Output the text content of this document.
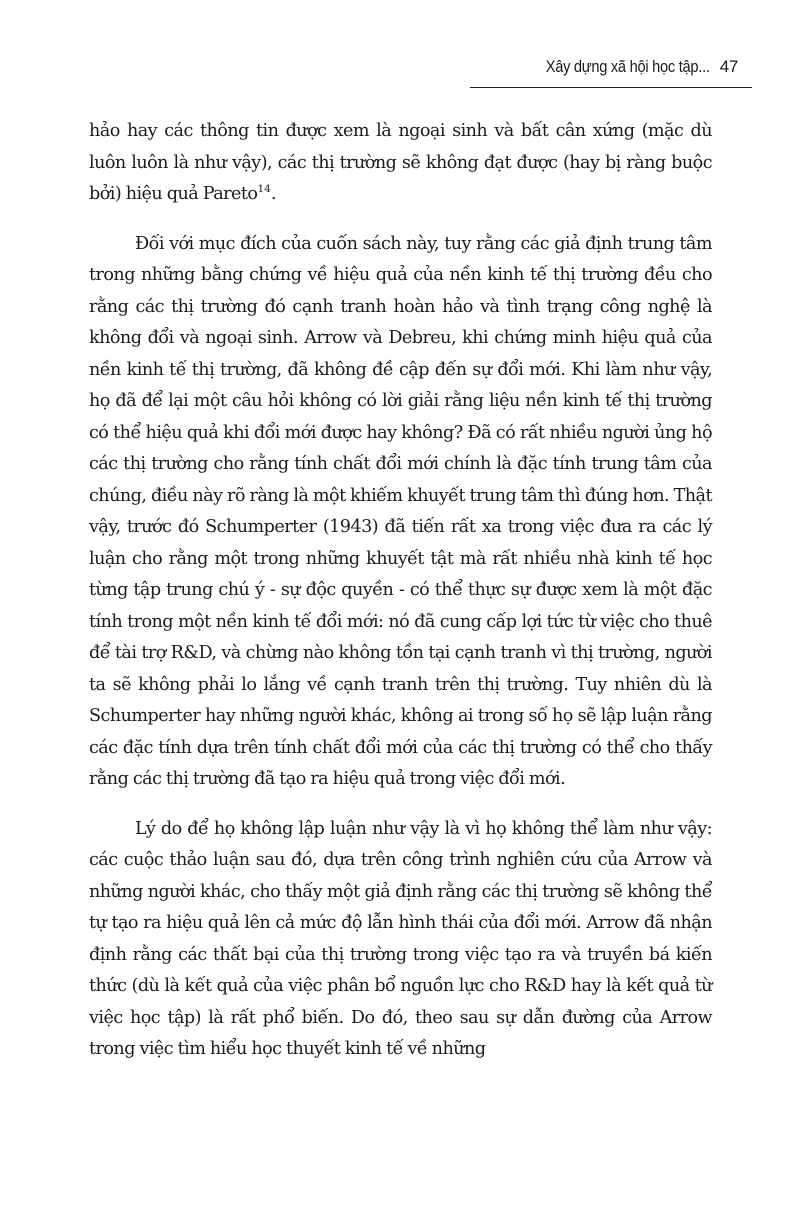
Xây dựng xã hội học tập... 47

hảo hay các thông tin được xem là ngoại sinh và bất cân xứng (mặc dù luôn luôn là như vậy), các thị trường sẽ không đạt được (hay bị ràng buộc bởi) hiệu quả Pareto$^{14}$.

Đối với mục đích của cuốn sách này, tuy rằng các giả định trung tâm trong những bằng chứng về hiệu quả của nền kinh tế thị trường đều cho rằng các thị trường đó cạnh tranh hoàn hảo và tình trạng công nghệ là không đổi và ngoại sinh. Arrow và Debreu, khi chứng minh hiệu quả của nền kinh tế thị trường, đã không đề cập đến sự đổi mới. Khi làm như vậy, họ đã để lại một câu hỏi không có lời giải rằng liệu nền kinh tế thị trường có thể hiệu quả khi đổi mới được hay không? Đã có rất nhiều người ủng hộ các thị trường cho rằng tính chất đổi mới chính là đặc tính trung tâm của chúng, điều này rõ ràng là một khiếm khuyết trung tâm thì đúng hơn. Thật vậy, trước đó Schumperter (1943) đã tiến rất xa trong việc đưa ra các lý luận cho rằng một trong những khuyết tật mà rất nhiều nhà kinh tế học từng tập trung chú ý - sự độc quyền - có thể thực sự được xem là một đặc tính trong một nền kinh tế đổi mới: nó đã cung cấp lợi tức từ việc cho thuê để tài trợ R&D, và chừng nào không tồn tại cạnh tranh vì thị trường, người ta sẽ không phải lo lắng về cạnh tranh trên thị trường. Tuy nhiên dù là Schumperter hay những người khác, không ai trong số họ sẽ lập luận rằng các đặc tính dựa trên tính chất đổi mới của các thị trường có thể cho thấy rằng các thị trường đã tạo ra hiệu quả trong việc đổi mới.

Lý do để họ không lập luận như vậy là vì họ không thể làm như vậy: các cuộc thảo luận sau đó, dựa trên công trình nghiên cứu của Arrow và những người khác, cho thấy một giả định rằng các thị trường sẽ không thể tự tạo ra hiệu quả lên cả mức độ lẫn hình thái của đổi mới. Arrow đã nhận định rằng các thất bại của thị trường trong việc tạo ra và truyền bá kiến thức (dù là kết quả của việc phân bổ nguồn lực cho R&D hay là kết quả từ việc học tập) là rất phổ biến. Do đó, theo sau sự dẫn đường của Arrow trong việc tìm hiểu học thuyết kinh tế về những
